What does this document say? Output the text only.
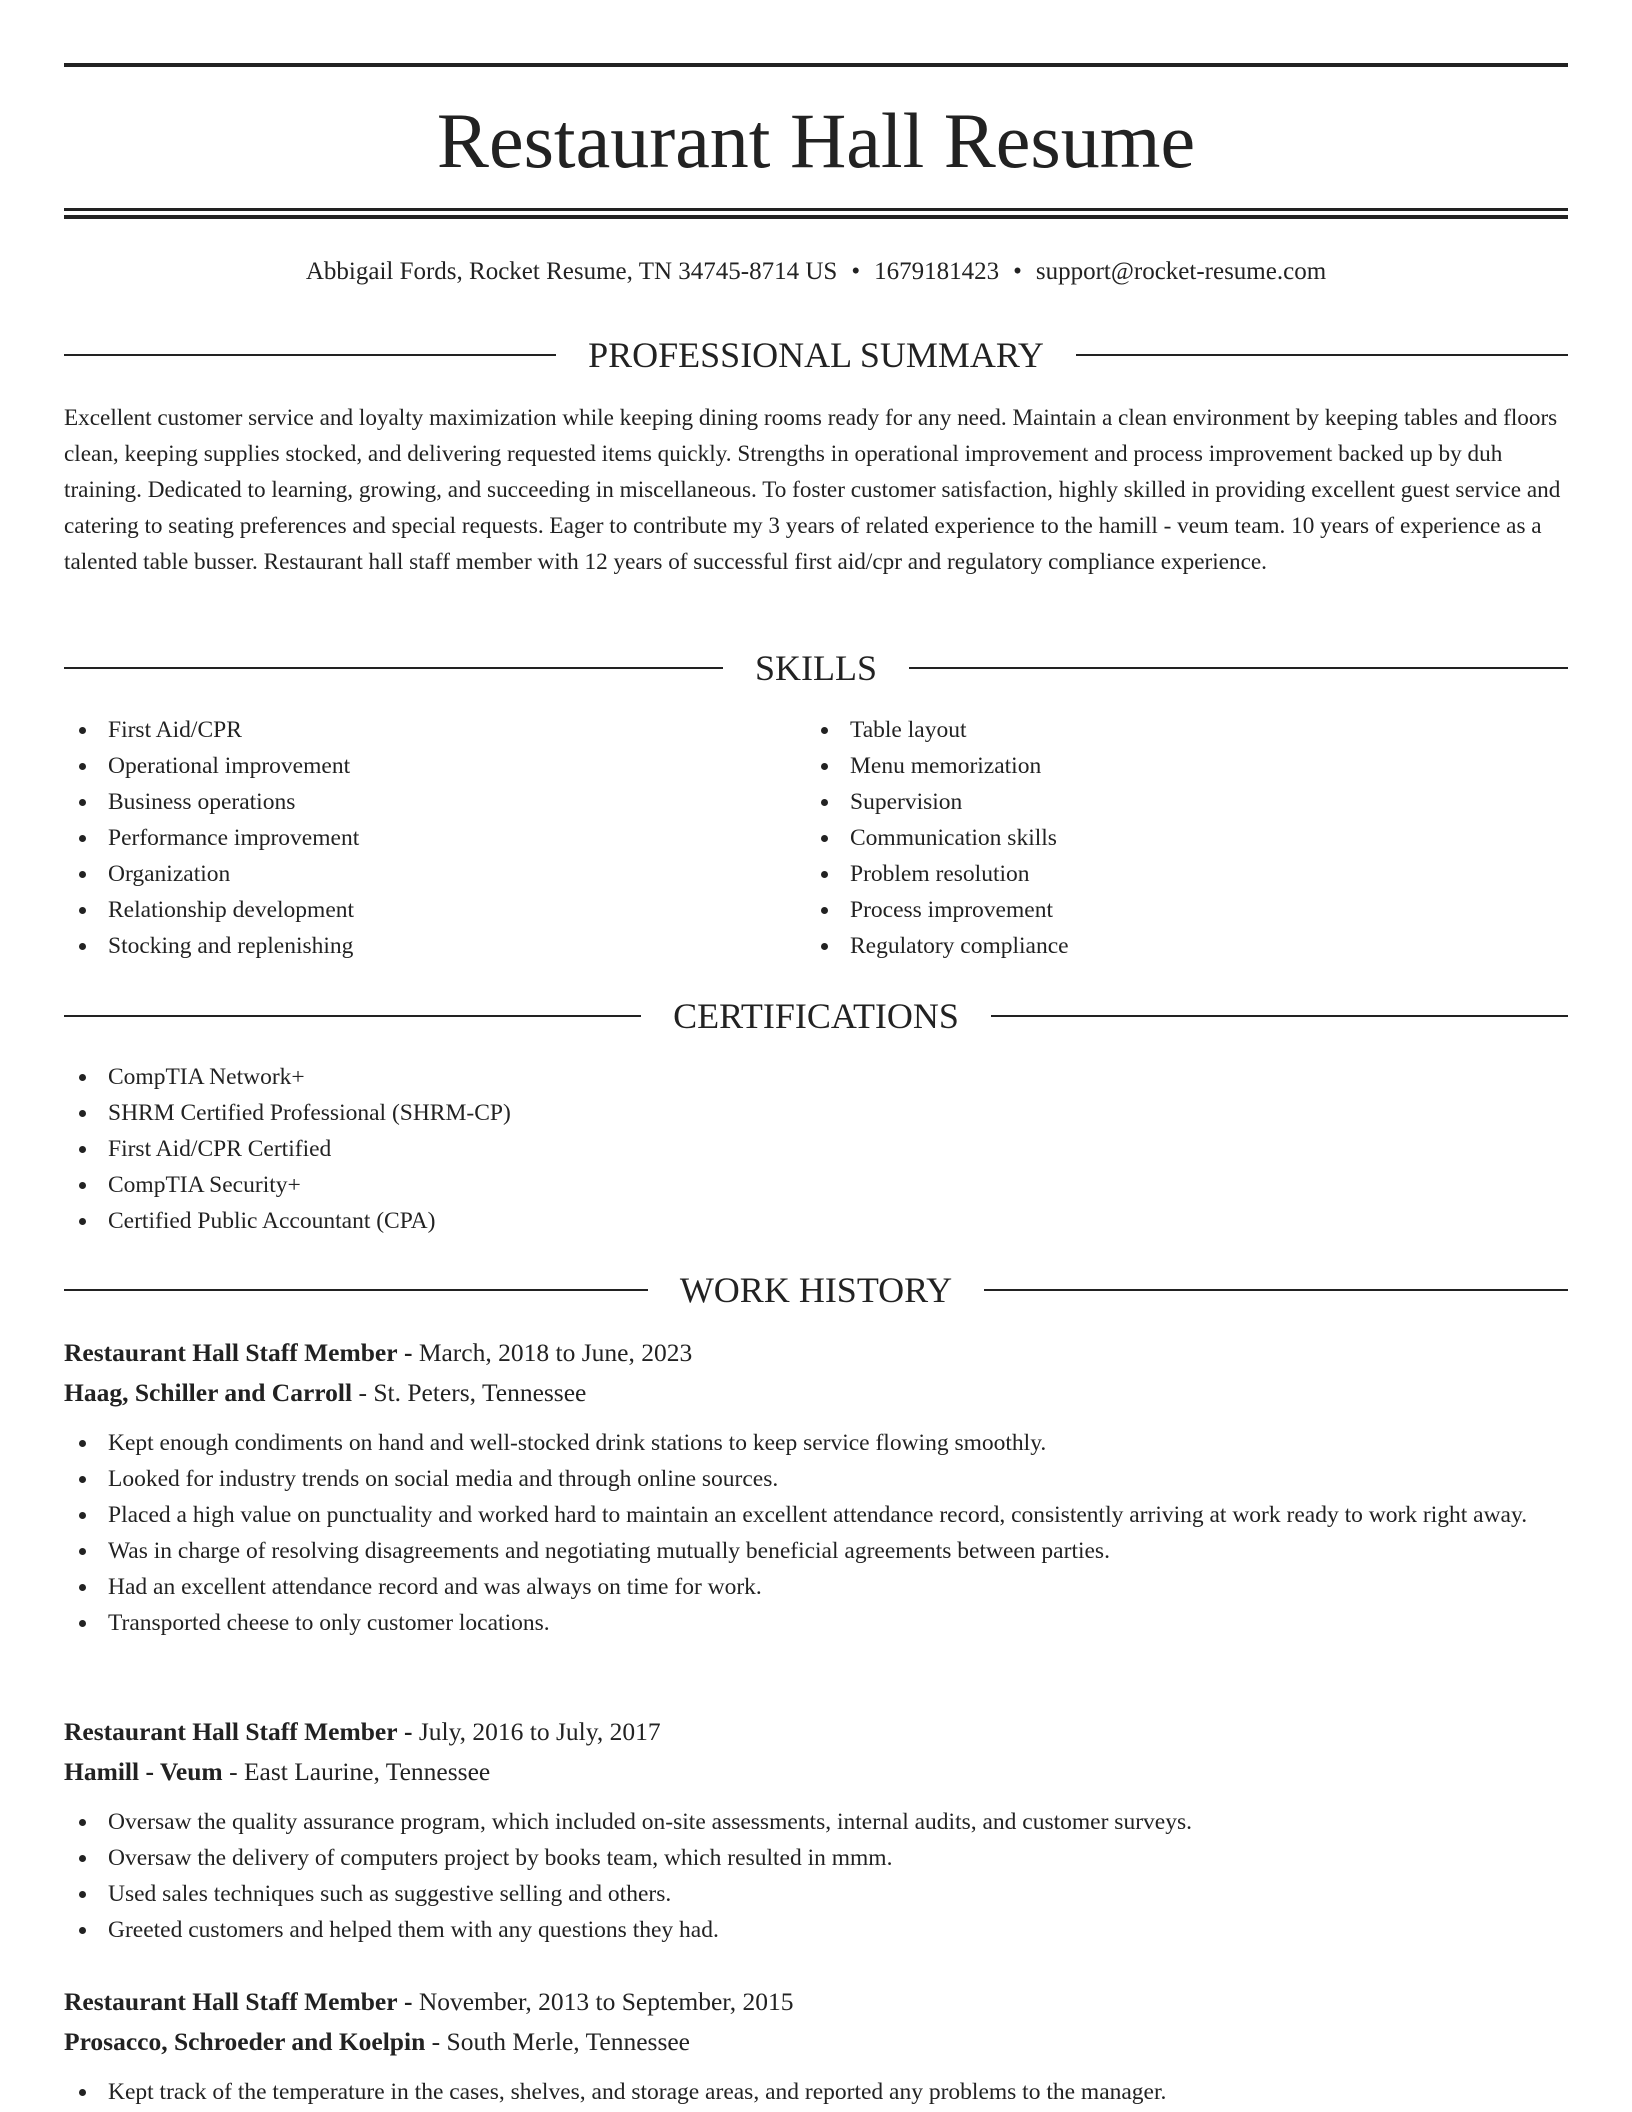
Restaurant Hall Resume
Abbigail Fords, Rocket Resume, TN 34745-8714 US • 1679181423 • support@rocket-resume.com
PROFESSIONAL SUMMARY

Excellent customer service and loyalty maximization while keeping dining rooms ready for any need. Maintain a clean environment by keeping tables and floors clean, keeping supplies stocked, and delivering requested items quickly. Strengths in operational improvement and process improvement backed up by duh training. Dedicated to learning, growing, and succeeding in miscellaneous. To foster customer satisfaction, highly skilled in providing excellent guest service and catering to seating preferences and special requests. Eager to contribute my 3 years of related experience to the hamill - veum team. 10 years of experience as a talented table busser. Restaurant hall staff member with 12 years of successful first aid/cpr and regulatory compliance experience.

SKILLS
First Aid/CPR
Operational improvement
Business operations
Performance improvement
Organization
Relationship development
Stocking and replenishing
Table layout
Menu memorization
Supervision
Communication skills
Problem resolution
Process improvement
Regulatory compliance
CERTIFICATIONS
CompTIA Network+
SHRM Certified Professional (SHRM-CP)
First Aid/CPR Certified
CompTIA Security+
Certified Public Accountant (CPA)
WORK HISTORY
Restaurant Hall Staff Member - March, 2018 to June, 2023
Haag, Schiller and Carroll - St. Peters, Tennessee
Kept enough condiments on hand and well-stocked drink stations to keep service flowing smoothly.
Looked for industry trends on social media and through online sources.
Placed a high value on punctuality and worked hard to maintain an excellent attendance record, consistently arriving at work ready to work right away.
Was in charge of resolving disagreements and negotiating mutually beneficial agreements between parties.
Had an excellent attendance record and was always on time for work.
Transported cheese to only customer locations.
Restaurant Hall Staff Member - July, 2016 to July, 2017
Hamill - Veum - East Laurine, Tennessee
Oversaw the quality assurance program, which included on-site assessments, internal audits, and customer surveys.
Oversaw the delivery of computers project by books team, which resulted in mmm.
Used sales techniques such as suggestive selling and others.
Greeted customers and helped them with any questions they had.
Restaurant Hall Staff Member - November, 2013 to September, 2015
Prosacco, Schroeder and Koelpin - South Merle, Tennessee
Kept track of the temperature in the cases, shelves, and storage areas, and reported any problems to the manager.
